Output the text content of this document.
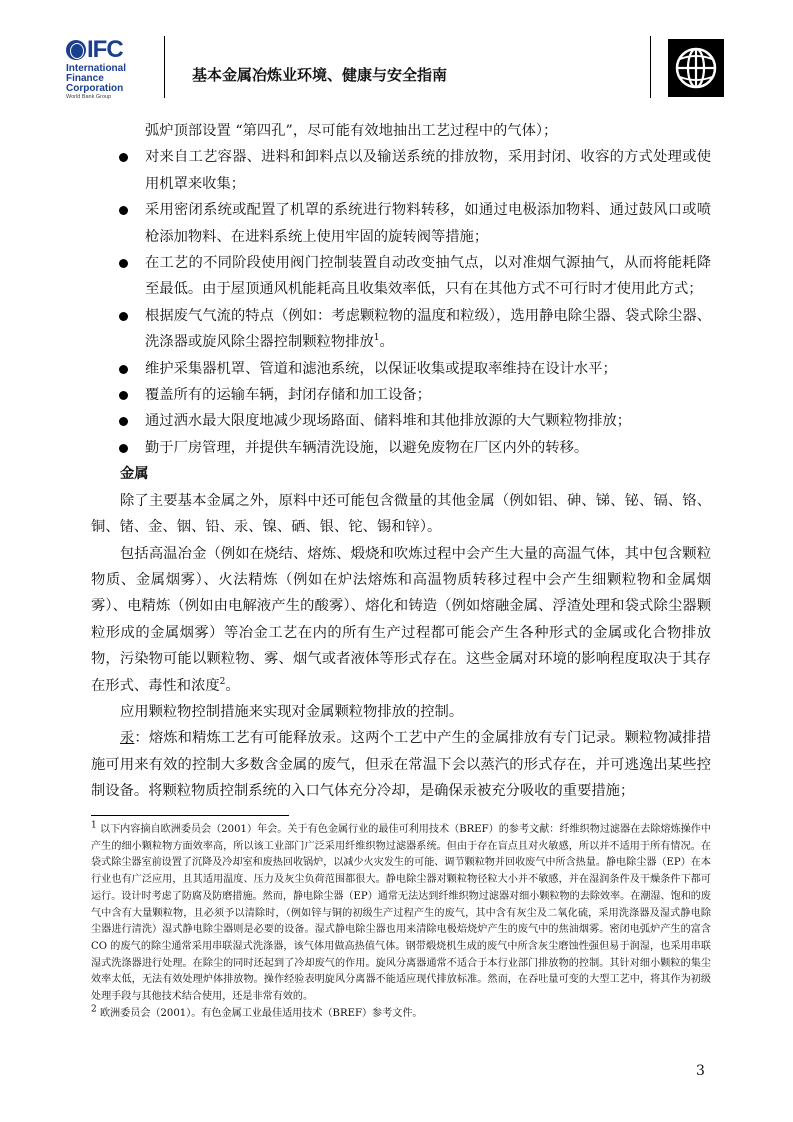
IFC
International
Finance
Corporation
World Bank Group
基本金属冶炼业环境、健康与安全指南

弧炉顶部设置 “第四孔”，尽可能有效地抽出工艺过程中的气体）；

对来自工艺容器、进料和卸料点以及输送系统的排放物，采用封闭、收容的方式处理或使用机罩来收集；
采用密闭系统或配置了机罩的系统进行物料转移，如通过电极添加物料、通过鼓风口或喷枪添加物料、在进料系统上使用牢固的旋转阀等措施；
在工艺的不同阶段使用阀门控制装置自动改变抽气点，以对准烟气源抽气，从而将能耗降至最低。由于屋顶通风机能耗高且收集效率低，只有在其他方式不可行时才使用此方式；
根据废气气流的特点（例如：考虑颗粒物的温度和粒级），选用静电除尘器、袋式除尘器、洗涤器或旋风除尘器控制颗粒物排放$^1$。
维护采集器机罩、管道和滤池系统，以保证收集或提取率维持在设计水平；
覆盖所有的运输车辆，封闭存储和加工设备；
通过洒水最大限度地减少现场路面、储料堆和其他排放源的大气颗粒物排放；
勤于厂房管理，并提供车辆清洗设施，以避免废物在厂区内外的转移。

金属

除了主要基本金属之外，原料中还可能包含微量的其他金属（例如铝、砷、锑、铋、镉、铬、铜、锗、金、铟、铅、汞、镍、硒、银、铊、锡和锌）。

包括高温冶金（例如在烧结、熔炼、煅烧和吹炼过程中会产生大量的高温气体，其中包含颗粒物质、金属烟雾）、火法精炼（例如在炉法熔炼和高温物质转移过程中会产生细颗粒物和金属烟雾）、电精炼（例如由电解液产生的酸雾）、熔化和铸造（例如熔融金属、浮渣处理和袋式除尘器颗粒形成的金属烟雾）等冶金工艺在内的所有生产过程都可能会产生各种形式的金属或化合物排放物，污染物可能以颗粒物、雾、烟气或者液体等形式存在。这些金属对环境的影响程度取决于其存在形式、毒性和浓度$^2$。

应用颗粒物控制措施来实现对金属颗粒物排放的控制。

汞：熔炼和精炼工艺有可能释放汞。这两个工艺中产生的金属排放有专门记录。颗粒物减排措施可用来有效的控制大多数含金属的废气，但汞在常温下会以蒸汽的形式存在，并可逃逸出某些控制设备。将颗粒物质控制系统的入口气体充分冷却，是确保汞被充分吸收的重要措施；

$^1$ 以下内容摘自欧洲委员会（2001）年会。关于有色金属行业的最佳可利用技术（BREF）的参考文献：纤维织物过滤器在去除熔炼操作中产生的细小颗粒物方面效率高，所以该工业部门广泛采用纤维织物过滤器系统。但由于存在盲点且对火敏感，所以并不适用于所有情况。在袋式除尘器室前设置了沉降及冷却室和废热回收锅炉，以减少火灾发生的可能、调节颗粒物并回收废气中所含热量。静电除尘器（EP）在本行业也有广泛应用，且其适用温度、压力及灰尘负荷范围都很大。静电除尘器对颗粒物径粒大小并不敏感，并在湿润条件及干燥条件下都可运行。设计时考虑了防腐及防磨措施。然而，静电除尘器（EP）通常无法达到纤维织物过滤器对细小颗粒物的去除效率。在潮湿、饱和的废气中含有大量颗粒物，且必须予以清除时，（例如锌与铜的初级生产过程产生的废气，其中含有灰尘及二氧化硫，采用洗涤器及湿式静电除尘器进行清洗）湿式静电除尘器则是必要的设备。湿式静电除尘器也用来清除电极焙烧炉产生的废气中的焦油烟雾。密闭电弧炉产生的富含 CO 的废气的除尘通常采用串联湿式洗涤器，该气体用做高热值气体。钢带煅烧机生成的废气中所含灰尘磨蚀性强但易于润湿，也采用串联湿式洗涤器进行处理。在除尘的同时还起到了冷却废气的作用。旋风分离器通常不适合于本行业部门排放物的控制。其针对细小颗粒的集尘效率太低，无法有效处理炉体排放物。操作经验表明旋风分离器不能适应现代排放标准。然而，在吞吐量可变的大型工艺中，将其作为初级处理手段与其他技术结合使用，还是非常有效的。

$^2$ 欧洲委员会（2001）。有色金属工业最佳适用技术（BREF）参考文件。

3
